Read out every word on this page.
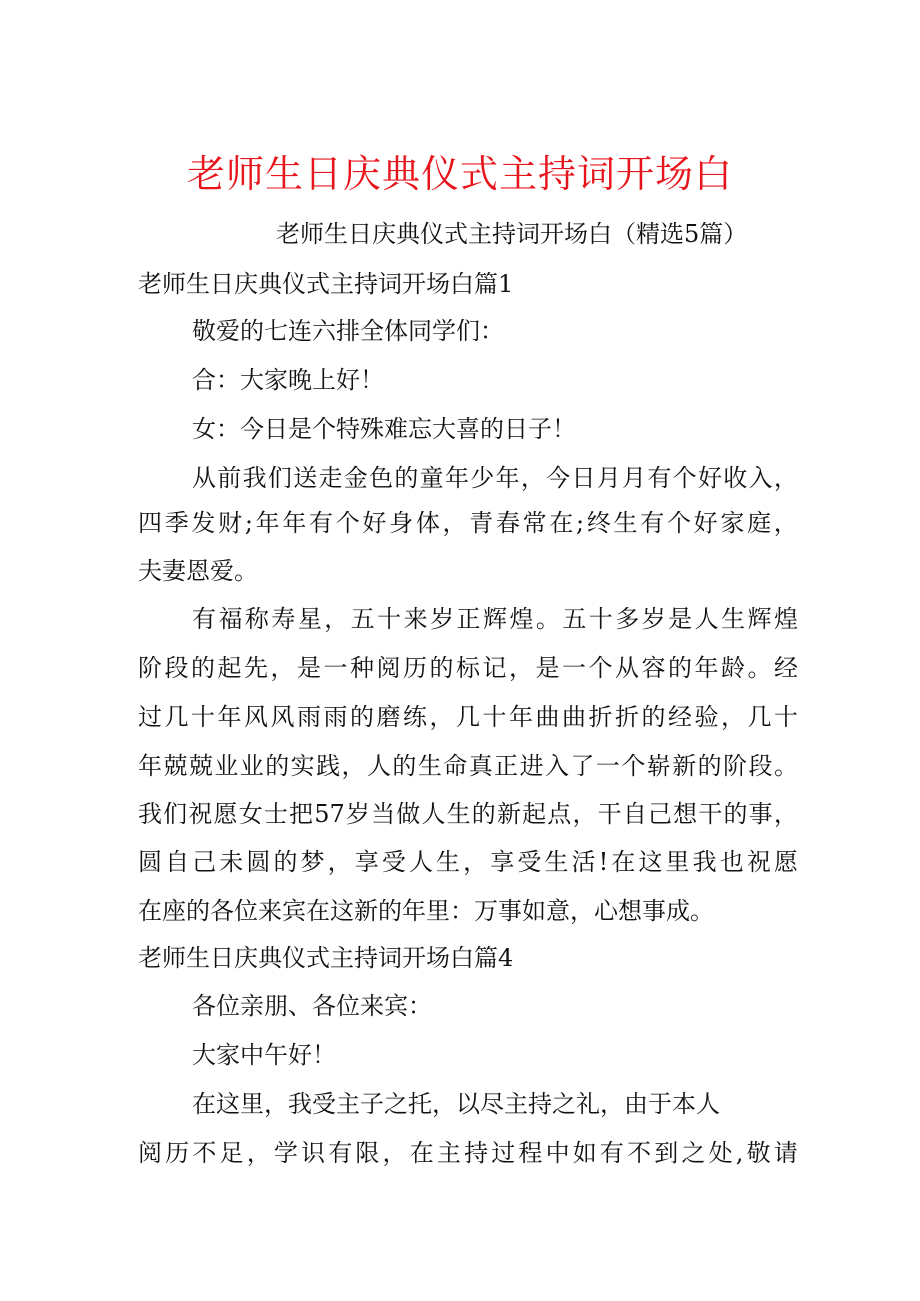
老师生日庆典仪式主持词开场白
老师生日庆典仪式主持词开场白（精选5篇）
老师生日庆典仪式主持词开场白篇1
敬爱的七连六排全体同学们：
合：大家晚上好！
女：今日是个特殊难忘大喜的日子！
从 前 我 们 送 走 金 色 的 童 年 少 年 ， 今 日 月 月 有 个 好 收 入 ，
四 季 发 财 ; 年 年 有 个 好 身 体 ， 青 春 常 在 ; 终 生 有 个 好 家 庭 ，
夫妻恩爱。
有 福 称 寿 星 ， 五 十 来 岁 正 辉 煌 。 五 十 多 岁 是 人 生 辉 煌
阶 段 的 起 先 ， 是 一 种 阅 历 的 标 记 ， 是 一 个 从 容 的 年 龄 。 经
过 几 十 年 风 风 雨 雨 的 磨 练 ， 几 十 年 曲 曲 折 折 的 经 验 ， 几 十
年 兢 兢 业 业 的 实 践 ， 人 的 生 命 真 正 进 入 了 一 个 崭 新 的 阶 段 。
我 们 祝 愿 女 士 把 57 岁 当 做 人 生 的 新 起 点 ， 干 自 己 想 干 的 事 ，
圆 自 己 未 圆 的 梦 ， 享 受 人 生 ， 享 受 生 活 ! 在 这 里 我 也 祝 愿
在座的各位来宾在这新的年里：万事如意，心想事成。
老师生日庆典仪式主持词开场白篇4
各位亲朋、各位来宾：
大家中午好！
在这里，我受主子之托，以尽主持之礼，由于本人
阅 历 不 足 ， 学 识 有 限 ， 在 主 持 过 程 中 如 有 不 到 之 处 , 敬 请
